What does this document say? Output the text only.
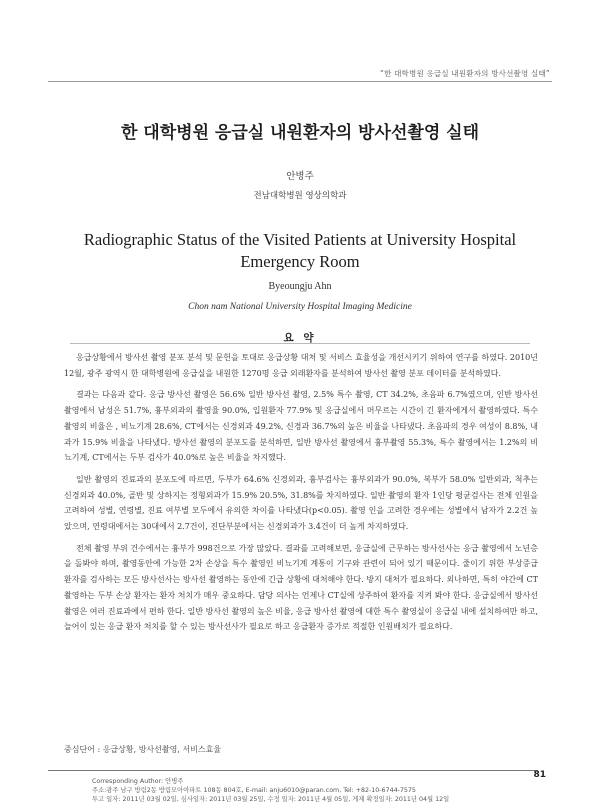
“한 대학병원 응급실 내원환자의 방사선촬영 실태”
한 대학병원 응급실 내원환자의 방사선촬영 실태
안병주
전남대학병원 영상의학과
Radiographic Status of the Visited Patients at University Hospital Emergency Room
Byeoungju Ahn
Chon nam National University Hospital Imaging Medicine
요 약

응급상황에서 방사선 촬영 분포 분석 및 문헌을 토대로 응급상황 대처 및 서비스 효율성을 개선시키기 위하여 연구를 하였다. 2010년 12월, 광주 광역시 한 대학병원에 응급실을 내원한 1270명 응급 외래환자를 분석하여 방사선 촬영 분포 데이터를 분석하였다.

결과는 다음과 같다. 응급 방사선 촬영은 56.6% 일반 방사선 촬영, 2.5% 특수 촬영, CT 34.2%, 초음파 6.7%였으며, 인반 방사선 촬영에서 남성은 51.7%, 흉부외과의 촬영율 90.0%, 입원환자 77.9% 및 응급실에서 머무르는 시간이 긴 환자에게서 촬영하였다. 특수 촬영의 비율은 , 비뇨기계 28.6%, CT에서는 신경외과 49.2%, 신경과 36.7%의 높은 비율을 나타냈다. 초음파의 경우 여성이 8.8%, 내과가 15.9% 비율을 나타냈다. 방사선 촬영의 분포도를 분석하면, 일반 방사선 촬영에서 흉부촬영 55.3%, 특수 촬영에서는 1.2%의 비뇨기계, CT에서는 두부 검사가 40.0%로 높은 비율을 차지했다.

일반 촬영의 진료과의 분포도에 따르면, 두부가 64.6% 신경외과, 흉부검사는 흉부외과가 90.0%, 복부가 58.0% 일반외과, 척추는 신경외과 40.0%, 골반 및 상하지는 정형외과가 15.9% 20.5%, 31.8%를 차지하였다. 일반 촬영의 환자 1인당 평균검사는 전체 인원을 고려하여 성별, 연령별, 진료 여부별 모두에서 유의한 차이를 나타냈다(p<0.05). 촬영 인을 고려한 경우에는 성별에서 남자가 2.2건 높았으며, 연령대에서는 30대에서 2.7건이, 진단부분에서는 신경외과가 3.4건이 더 높게 차지하였다.

전체 촬영 부위 건수에서는 흉부가 998건으로 가장 많았다. 결과를 고려해보면, 응급실에 근무하는 방사선사는 응급 촬영에서 노년층을 돌봐야 하며, 촬영동안에 가능한 2차 손상을 특수 촬영인 비뇨기계 계통이 기구와 관련이 되어 있기 때문이다. 줄이기 위한 부상증급 환자를 검사하는 모든 방사선사는 방사선 촬영하는 동안에 긴급 상황에 대처해야 한다. 방지 대처가 필요하다. 외나하면, 특히 야간에 CT 촬영하는 두부 손상 환자는 환자 처치가 매우 중요하다. 담당 의사는 언제나 CT실에 상주하여 환자를 지켜 봐야 한다. 응급실에서 방사선 촬영은 여러 진료과에서 편하 한다. 일반 방사선 촬영의 높은 비율, 응급 방사선 촬영에 대한 특수 촬영실이 응급실 내에 설치하여만 하고, 늘어이 있는 응급 환자 처치를 할 수 있는 방사선사가 필요로 하고 응급환자 증가로 적절한 인원배치가 필요하다.

중심단어 : 응급상황, 방사선촬영, 서비스효율
81
Corresponding Author: 안병주
주소:광주 남구 방림2동 방림모아아파트 108동 804호, E-mail: anju6010@paran.com, Tel: +82-10-6744-7575
투고 일자: 2011년 03월 02일, 심사일자: 2011년 03월 25일, 수정 일자: 2011년 4월 05일, 게재 확정일자: 2011년 04월 12일
